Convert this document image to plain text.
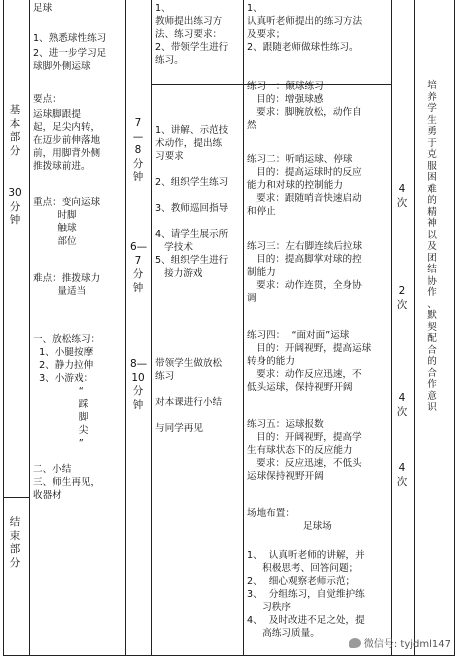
基
本
部
分
30
分
钟
结
束
部
分
足球
1、熟悉球性练习
2、进一步学习足
球脚外侧运球
要点：
运球脚跟提
起，足尖内转，
在迈步前伸落地
前，用脚背外侧
推拨球前进。
重点：变向运球
时脚
触球
部位
难点：推拨球力
量适当
一、放松练习：
1、小腿按摩
2、静力拉伸
3、小游戏：
“
踩
脚
尖
”
二、小结
三、师生再见，
收器材
7
—
8
分
钟
6—
7
分
钟
8—
10
分
钟
1、
教师提出练习方
法、练习要求：
2、带领学生进行
练习。
1、讲解、示范技
术动作，提出练
习要求

2、组织学生练习

3、教师巡回指导

4、请学生展示所
学技术
5、组织学生进行
接力游戏
带领学生做放松
练习

对本课进行小结

与同学再见
1、
认真听老师提出的练习方法
及要求；
2、跟随老师做球性练习。
练习一：颠球练习
目的：增强球感
要求：脚腕放松，动作自
然
练习二：听哨运球、停球
目的：提高运球时的反应
能力和对球的控制能力
要求：跟随哨音快速启动
和停止
练习三：左右脚连续后拉球
目的：提高脚掌对球的控
制能力
要求：动作连贯，全身协
调
练习四：  “面对面”运球
目的：开阔视野，提高运球
转身的能力
要求：动作反应迅速，不
低头运球，保持视野开阔
练习五：运球报数
目的：开阔视野，提高学
生有球状态下的反应能力
要求：反应迅速，不低头
运球保持视野开阔
场地布置：
足球场
1、  认真听老师的讲解，并
积极思考、回答问题；
2、  细心观察老师示范；
3、  分组练习，自觉维护练
习秩序
4、  及时改进不足之处，提
高练习质量。
4
次
2
次
4
次
4
次
培
养
学
生
勇
于
克
服
困
难
的
精
神
以
及
团
结
协
作
、
默
契
配
合
的
合
作
意
识
微信号: tyjdml147
